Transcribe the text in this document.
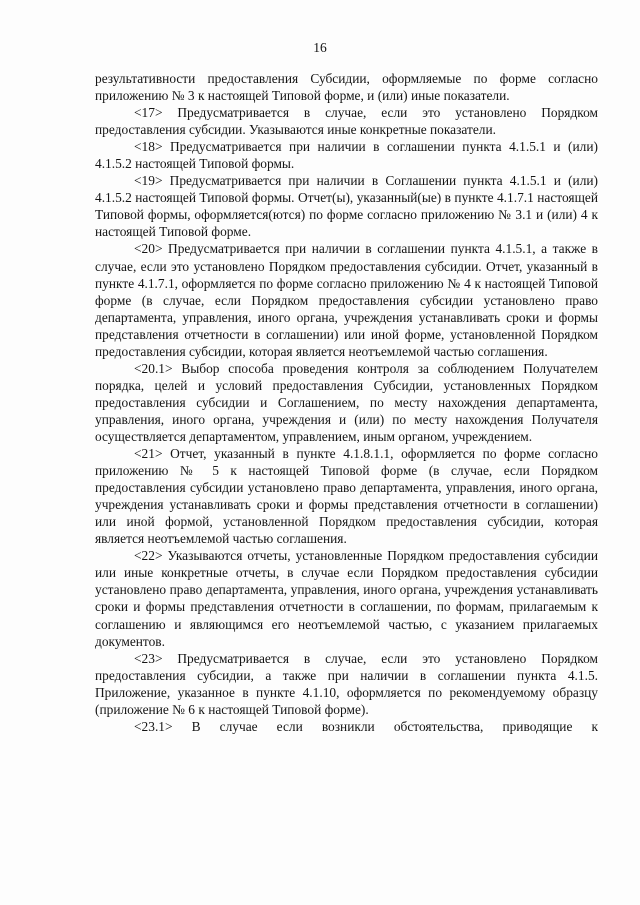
16

результативности предоставления Субсидии, оформляемые по форме согласно приложению № 3 к настоящей Типовой форме, и (или) иные показатели.

<17> Предусматривается в случае, если это установлено Порядком предоставления субсидии. Указываются иные конкретные показатели.

<18> Предусматривается при наличии в соглашении пункта 4.1.5.1 и (или) 4.1.5.2 настоящей Типовой формы.

<19> Предусматривается при наличии в Соглашении пункта 4.1.5.1 и (или) 4.1.5.2 настоящей Типовой формы. Отчет(ы), указанный(ые) в пункте 4.1.7.1 настоящей Типовой формы, оформляется(ются) по форме согласно приложению № 3.1 и (или) 4 к настоящей Типовой форме.

<20> Предусматривается при наличии в соглашении пункта 4.1.5.1, а также в случае, если это установлено Порядком предоставления субсидии. Отчет, указанный в пункте 4.1.7.1, оформляется по форме согласно приложению № 4 к настоящей Типовой форме (в случае, если Порядком предоставления субсидии установлено право департамента, управления, иного органа, учреждения устанавливать сроки и формы представления отчетности в соглашении) или иной форме, установленной Порядком предоставления субсидии, которая является неотъемлемой частью соглашения.

<20.1> Выбор способа проведения контроля за соблюдением Получателем порядка, целей и условий предоставления Субсидии, установленных Порядком предоставления субсидии и Соглашением, по месту нахождения департамента, управления, иного органа, учреждения и (или) по месту нахождения Получателя осуществляется департаментом, управлением, иным органом, учреждением.

<21> Отчет, указанный в пункте 4.1.8.1.1, оформляется по форме согласно приложению № 5 к настоящей Типовой форме (в случае, если Порядком предоставления субсидии установлено право департамента, управления, иного органа, учреждения устанавливать сроки и формы представления отчетности в соглашении) или иной формой, установленной Порядком предоставления субсидии, которая является неотъемлемой частью соглашения.

<22> Указываются отчеты, установленные Порядком предоставления субсидии или иные конкретные отчеты, в случае если Порядком предоставления субсидии установлено право департамента, управления, иного органа, учреждения устанавливать сроки и формы представления отчетности в соглашении, по формам, прилагаемым к соглашению и являющимся его неотъемлемой частью, с указанием прилагаемых документов.

<23> Предусматривается в случае, если это установлено Порядком предоставления субсидии, а также при наличии в соглашении пункта 4.1.5. Приложение, указанное в пункте 4.1.10, оформляется по рекомендуемому образцу (приложение № 6 к настоящей Типовой форме).

<23.1> В случае если возникли обстоятельства, приводящие к
